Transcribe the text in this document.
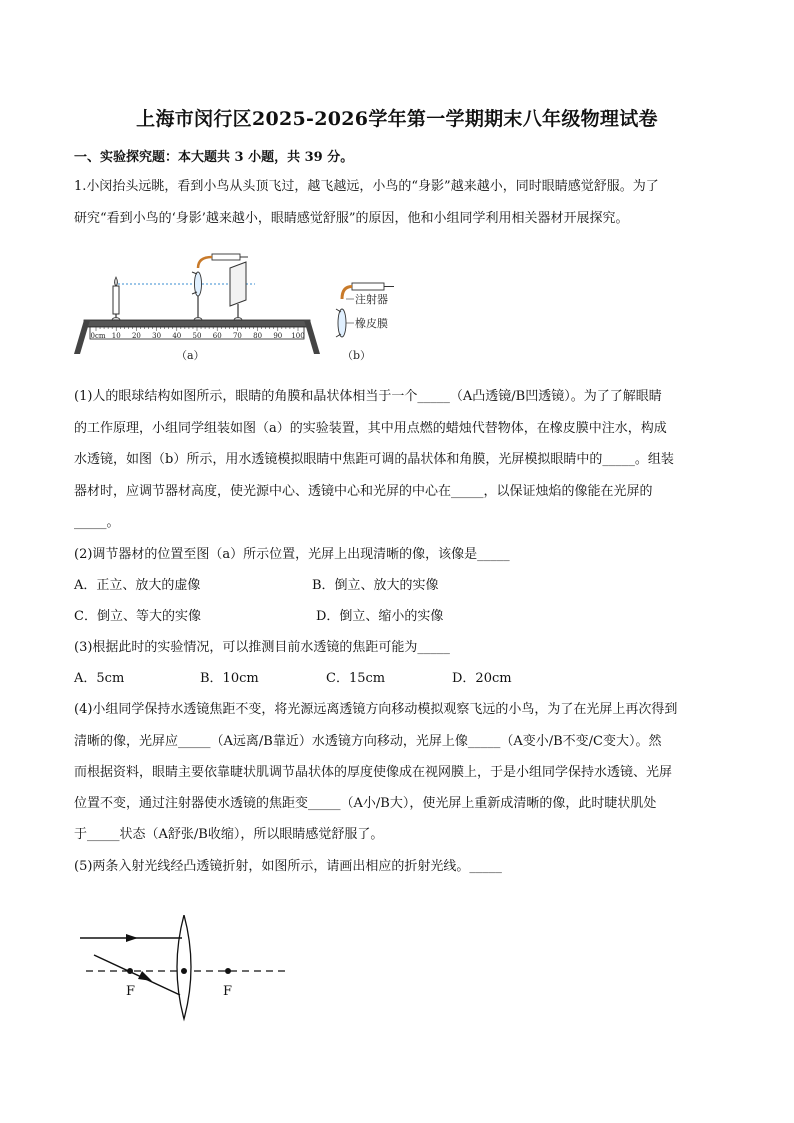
上海市闵行区2025-2026学年第一学期期末八年级物理试卷
一、实验探究题：本大题共 3 小题，共 39 分。
1.小闵抬头远眺，看到小鸟从头顶飞过，越飞越远，小鸟的“身影”越来越小，同时眼睛感觉舒服。为了
研究“看到小鸟的‘身影’越来越小，眼睛感觉舒服”的原因，他和小组同学利用相关器材开展探究。
0cm 10 20 30 40 50 60 70 80 90 100
（a）
注射器
橡皮膜
（b）
(1)人的眼球结构如图所示，眼睛的角膜和晶状体相当于一个_____（A凸透镜/B凹透镜）。为了了解眼睛
的工作原理，小组同学组装如图（a）的实验装置，其中用点燃的蜡烛代替物体，在橡皮膜中注水，构成
水透镜，如图（b）所示，用水透镜模拟眼睛中焦距可调的晶状体和角膜，光屏模拟眼睛中的_____。组装
器材时，应调节器材高度，使光源中心、透镜中心和光屏的中心在_____，以保证烛焰的像能在光屏的
_____。
(2)调节器材的位置至图（a）所示位置，光屏上出现清晰的像，该像是_____
A．正立、放大的虚像	B．倒立、放大的实像
C．倒立、等大的实像	D．倒立、缩小的实像
(3)根据此时的实验情况，可以推测目前水透镜的焦距可能为_____
A．5cm	B．10cm	C．15cm	D．20cm
(4)小组同学保持水透镜焦距不变，将光源远离透镜方向移动模拟观察飞远的小鸟，为了在光屏上再次得到
清晰的像，光屏应_____（A远离/B靠近）水透镜方向移动，光屏上像_____（A变小/B不变/C变大）。然
而根据资料，眼睛主要依靠睫状肌调节晶状体的厚度使像成在视网膜上，于是小组同学保持水透镜、光屏
位置不变，通过注射器使水透镜的焦距变_____（A小/B大），使光屏上重新成清晰的像，此时睫状肌处
于_____状态（A舒张/B收缩），所以眼睛感觉舒服了。
(5)两条入射光线经凸透镜折射，如图所示，请画出相应的折射光线。_____
F	F
